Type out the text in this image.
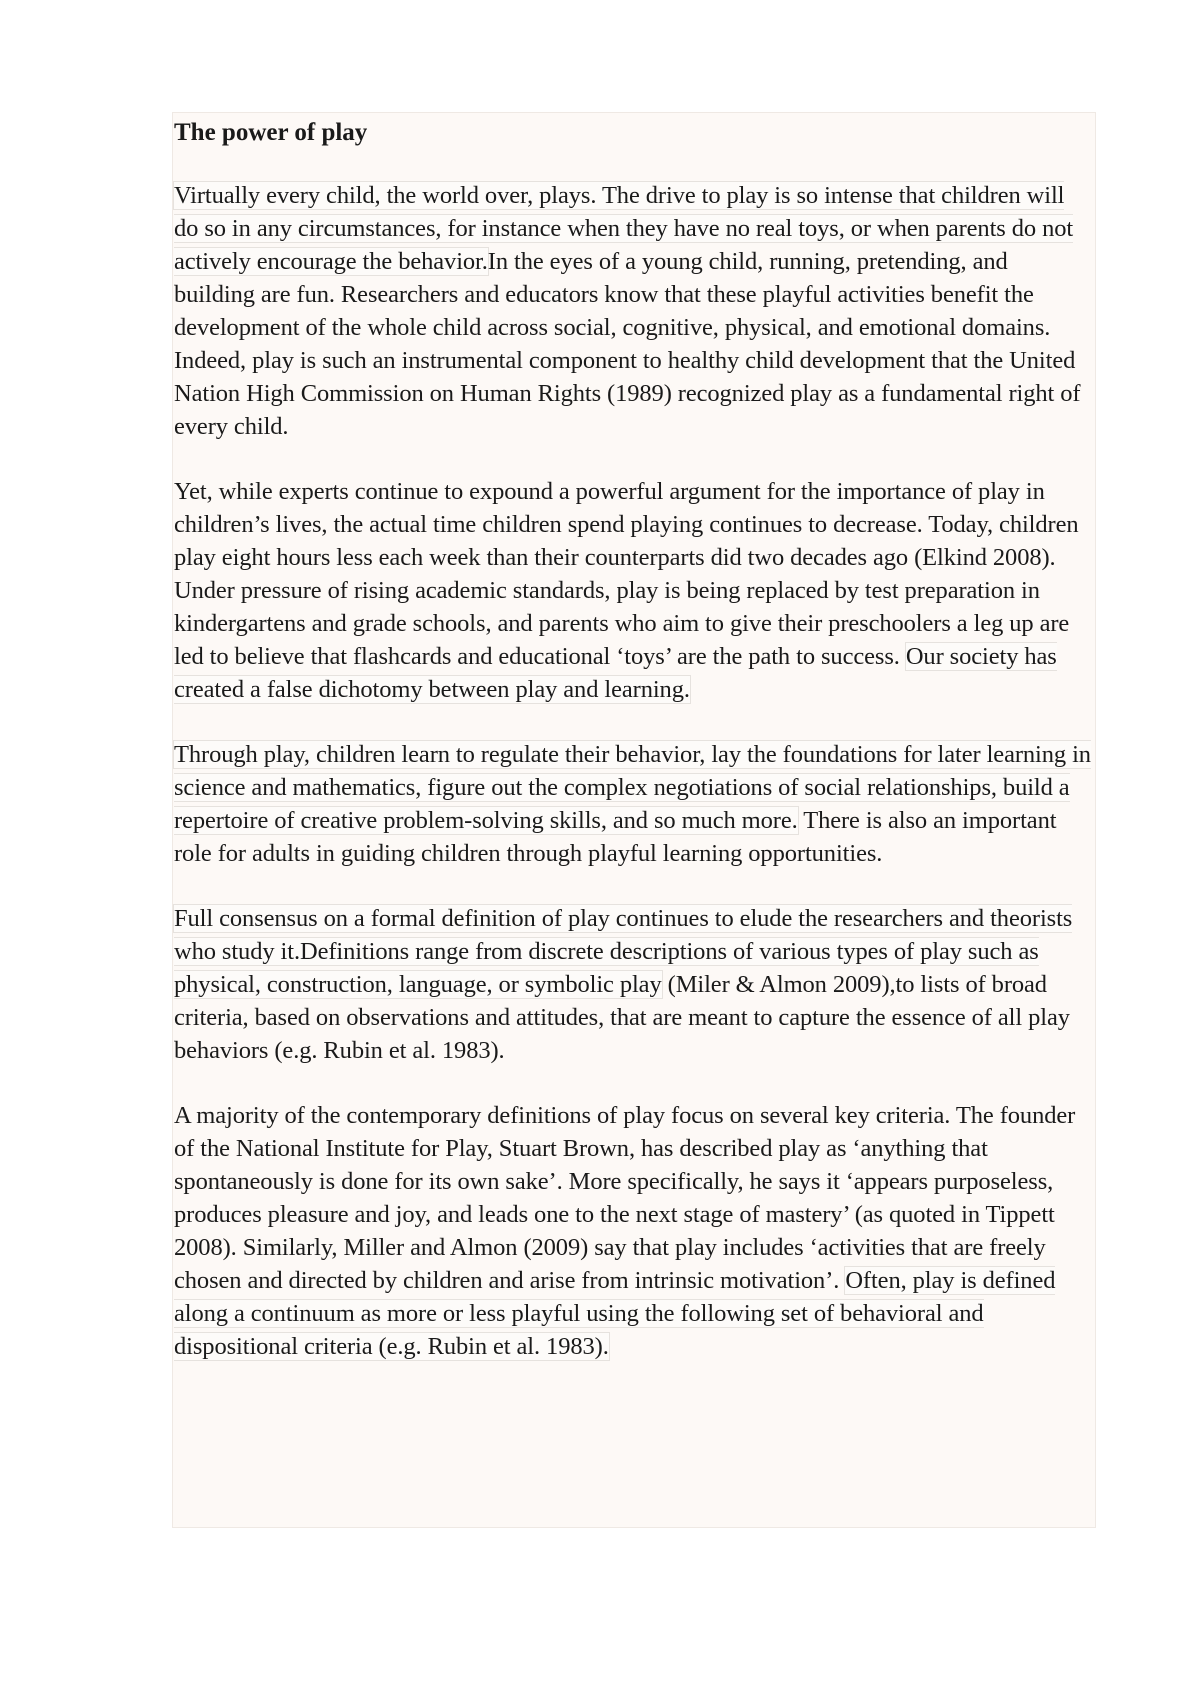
The power of play

Virtually every child, the world over, plays. The drive to play is so intense that children will do so in any circumstances, for instance when they have no real toys, or when parents do not actively encourage the behavior.In the eyes of a young child, running, pretending, and building are fun. Researchers and educators know that these playful activities benefit the development of the whole child across social, cognitive, physical, and emotional domains. Indeed, play is such an instrumental component to healthy child development that the United Nation High Commission on Human Rights (1989) recognized play as a fundamental right of every child.

Yet, while experts continue to expound a powerful argument for the importance of play in children’s lives, the actual time children spend playing continues to decrease. Today, children play eight hours less each week than their counterparts did two decades ago (Elkind 2008). Under pressure of rising academic standards, play is being replaced by test preparation in kindergartens and grade schools, and parents who aim to give their preschoolers a leg up are led to believe that flashcards and educational ‘toys’ are the path to success. Our society has created a false dichotomy between play and learning.

Through play, children learn to regulate their behavior, lay the foundations for later learning in science and mathematics, figure out the complex negotiations of social relationships, build a repertoire of creative problem-solving skills, and so much more. There is also an important role for adults in guiding children through playful learning opportunities.

Full consensus on a formal definition of play continues to elude the researchers and theorists who study it.Definitions range from discrete descriptions of various types of play such as physical, construction, language, or symbolic play (Miler & Almon 2009),to lists of broad criteria, based on observations and attitudes, that are meant to capture the essence of all play behaviors (e.g. Rubin et al. 1983).

A majority of the contemporary definitions of play focus on several key criteria. The founder of the National Institute for Play, Stuart Brown, has described play as ‘anything that spontaneously is done for its own sake’. More specifically, he says it ‘appears purposeless, produces pleasure and joy, and leads one to the next stage of mastery’ (as quoted in Tippett 2008). Similarly, Miller and Almon (2009) say that play includes ‘activities that are freely chosen and directed by children and arise from intrinsic motivation’. Often, play is defined along a continuum as more or less playful using the following set of behavioral and dispositional criteria (e.g. Rubin et al. 1983).
